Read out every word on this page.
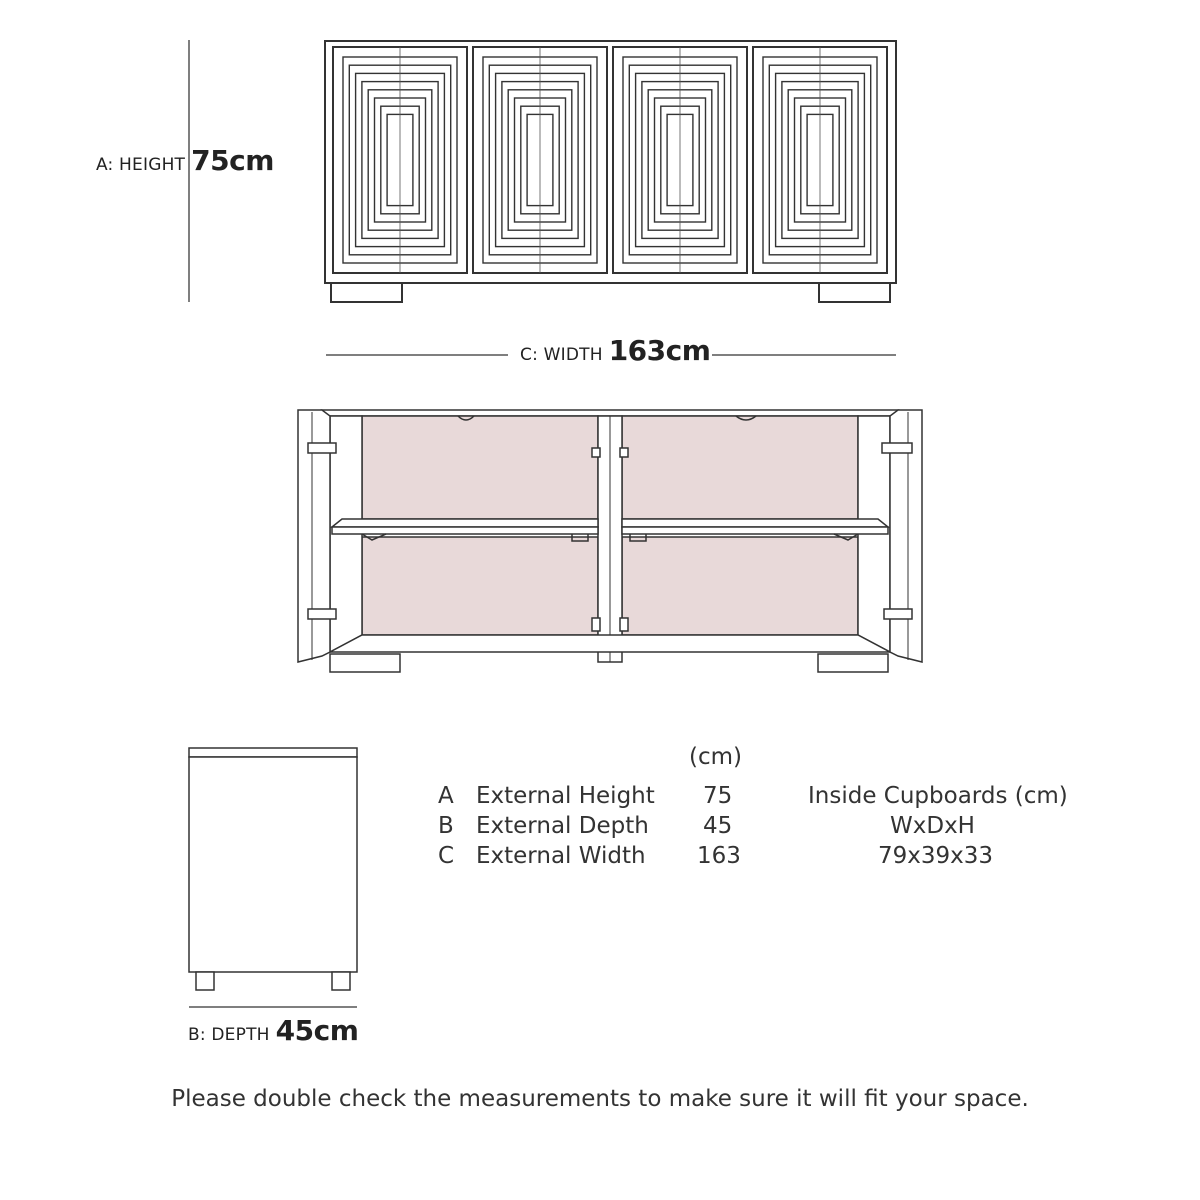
A: HEIGHT 75cm
C: WIDTH 163cm
B: DEPTH 45cm
(cm)
A External Height 75
B External Depth 45
C External Width 163
Inside Cupboards (cm)
WxDxH
79x39x33
Please double check the measurements to make sure it will fit your space.
